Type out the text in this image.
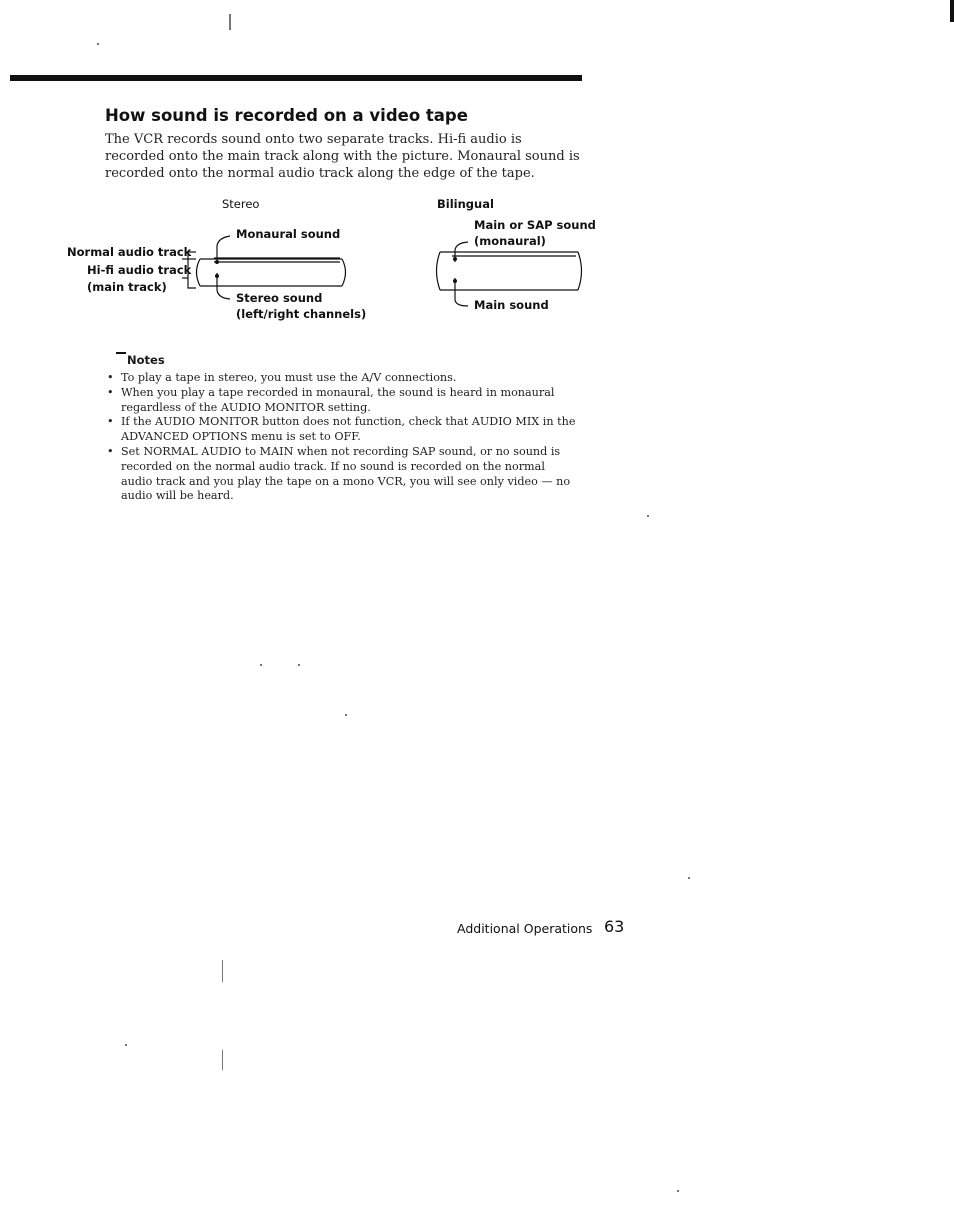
How sound is recorded on a video tape
The VCR records sound onto two separate tracks. Hi-fi audio is recorded onto the main track along with the picture. Monaural sound is recorded onto the normal audio track along the edge of the tape.
Stereo
Monaural sound
Normal audio track
Hi-fi audio track
(main track)
Stereo sound
(left/right channels)
Bilingual
Main or SAP sound
(monaural)
Main sound
Notes
• To play a tape in stereo, you must use the A/V connections.
• When you play a tape recorded in monaural, the sound is heard in monaural regardless of the AUDIO MONITOR setting.
• If the AUDIO MONITOR button does not function, check that AUDIO MIX in the ADVANCED OPTIONS menu is set to OFF.
• Set NORMAL AUDIO to MAIN when not recording SAP sound, or no sound is recorded on the normal audio track. If no sound is recorded on the normal audio track and you play the tape on a mono VCR, you will see only video — no audio will be heard.
Additional Operations 63
